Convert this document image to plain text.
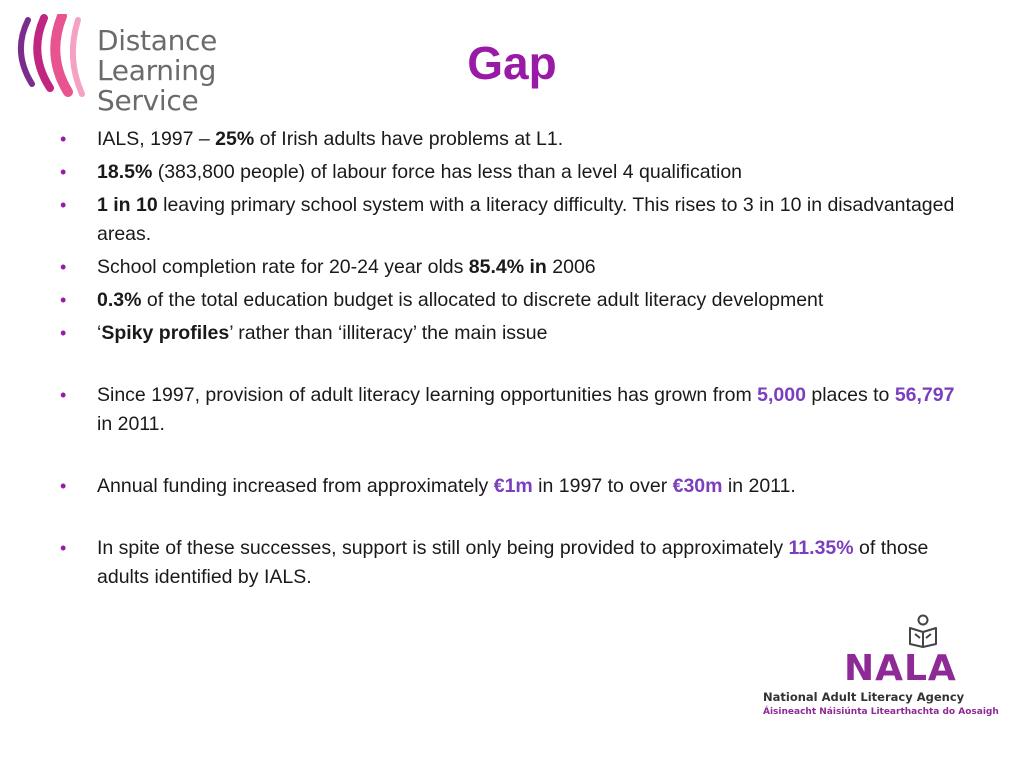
Distance
Learning
Service
Gap
• IALS, 1997 – 25% of Irish adults have problems at L1.
• 18.5% (383,800 people) of labour force has less than a level 4 qualification
• 1 in 10 leaving primary school system with a literacy difficulty. This rises to 3 in 10 in disadvantaged areas.
• School completion rate for 20-24 year olds 85.4% in 2006
• 0.3% of the total education budget is allocated to discrete adult literacy development
• ‘Spiky profiles’ rather than ‘illiteracy’ the main issue
• Since 1997, provision of adult literacy learning opportunities has grown from 5,000 places to 56,797 in 2011.
• Annual funding increased from approximately €1m in 1997 to over €30m in 2011.
• In spite of these successes, support is still only being provided to approximately 11.35% of those adults identified by IALS.
NALA
National Adult Literacy Agency
Áisineacht Náisiúnta Litearthachta do Aosaigh
